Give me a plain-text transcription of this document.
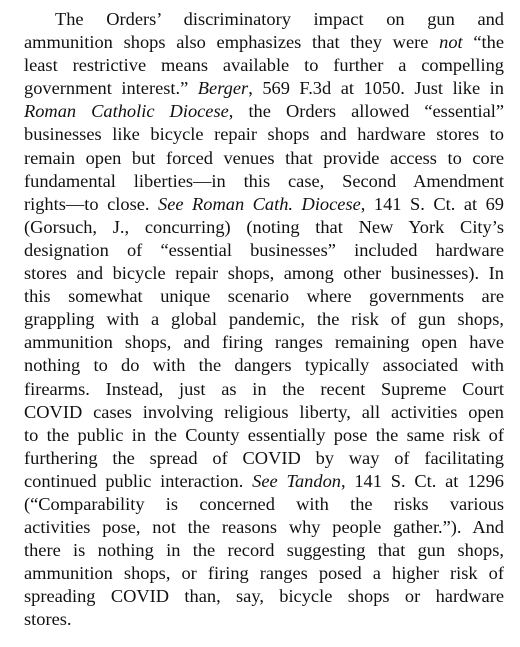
The Orders’ discriminatory impact on gun and
ammunition shops also emphasizes that they were not “the
least restrictive means available to further a compelling
government interest.” Berger, 569 F.3d at 1050. Just like in
Roman Catholic Diocese, the Orders allowed “essential”
businesses like bicycle repair shops and hardware stores to
remain open but forced venues that provide access to core
fundamental liberties—in this case, Second Amendment
rights—to close. See Roman Cath. Diocese, 141 S. Ct. at 69
(Gorsuch, J., concurring) (noting that New York City’s
designation of “essential businesses” included hardware
stores and bicycle repair shops, among other businesses). In
this somewhat unique scenario where governments are
grappling with a global pandemic, the risk of gun shops,
ammunition shops, and firing ranges remaining open have
nothing to do with the dangers typically associated with
firearms. Instead, just as in the recent Supreme Court
COVID cases involving religious liberty, all activities open
to the public in the County essentially pose the same risk of
furthering the spread of COVID by way of facilitating
continued public interaction. See Tandon, 141 S. Ct. at 1296
(“Comparability is concerned with the risks various
activities pose, not the reasons why people gather.”). And
there is nothing in the record suggesting that gun shops,
ammunition shops, or firing ranges posed a higher risk of
spreading COVID than, say, bicycle shops or hardware
stores.
